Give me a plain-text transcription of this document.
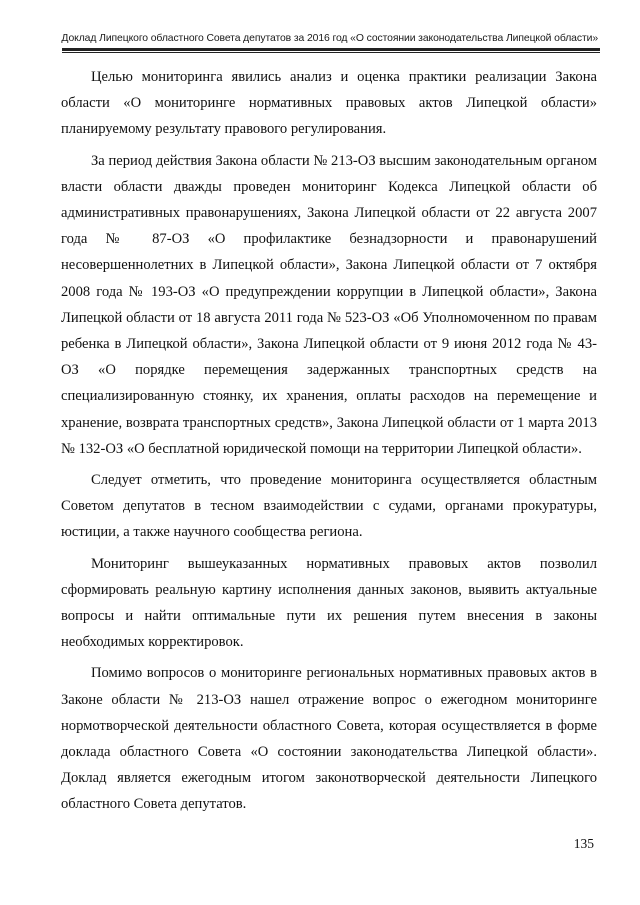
Доклад Липецкого областного Совета депутатов за 2016 год «О состоянии законодательства Липецкой области»

Целью мониторинга явились анализ и оценка практики реализации Закона области «О мониторинге нормативных правовых актов Липецкой области» планируемому результату правового регулирования.

За период действия Закона области № 213-ОЗ высшим законодательным органом власти области дважды проведен мониторинг Кодекса Липецкой области об административных правонарушениях, Закона Липецкой области от 22 августа 2007 года № 87-ОЗ «О профилактике безнадзорности и правонарушений несовершеннолетних в Липецкой области», Закона Липецкой области от 7 октября 2008 года № 193-ОЗ «О предупреждении коррупции в Липецкой области», Закона Липецкой области от 18 августа 2011 года № 523-ОЗ «Об Уполномоченном по правам ребенка в Липецкой области», Закона Липецкой области от 9 июня 2012 года № 43-ОЗ «О порядке перемещения задержанных транспортных средств на специализированную стоянку, их хранения, оплаты расходов на перемещение и хранение, возврата транспортных средств», Закона Липецкой области от 1 марта 2013 № 132-ОЗ «О бесплатной юридической помощи на территории Липецкой области».

Следует отметить, что проведение мониторинга осуществляется областным Советом депутатов в тесном взаимодействии с судами, органами прокуратуры, юстиции, а также научного сообщества региона.

Мониторинг вышеуказанных нормативных правовых актов позволил сформировать реальную картину исполнения данных законов, выявить актуальные вопросы и найти оптимальные пути их решения путем внесения в законы необходимых корректировок.

Помимо вопросов о мониторинге региональных нормативных правовых актов в Законе области № 213-ОЗ нашел отражение вопрос о ежегодном мониторинге нормотворческой деятельности областного Совета, которая осуществляется в форме доклада областного Совета «О состоянии законодательства Липецкой области». Доклад является ежегодным итогом законотворческой деятельности Липецкого областного Совета депутатов.

135
